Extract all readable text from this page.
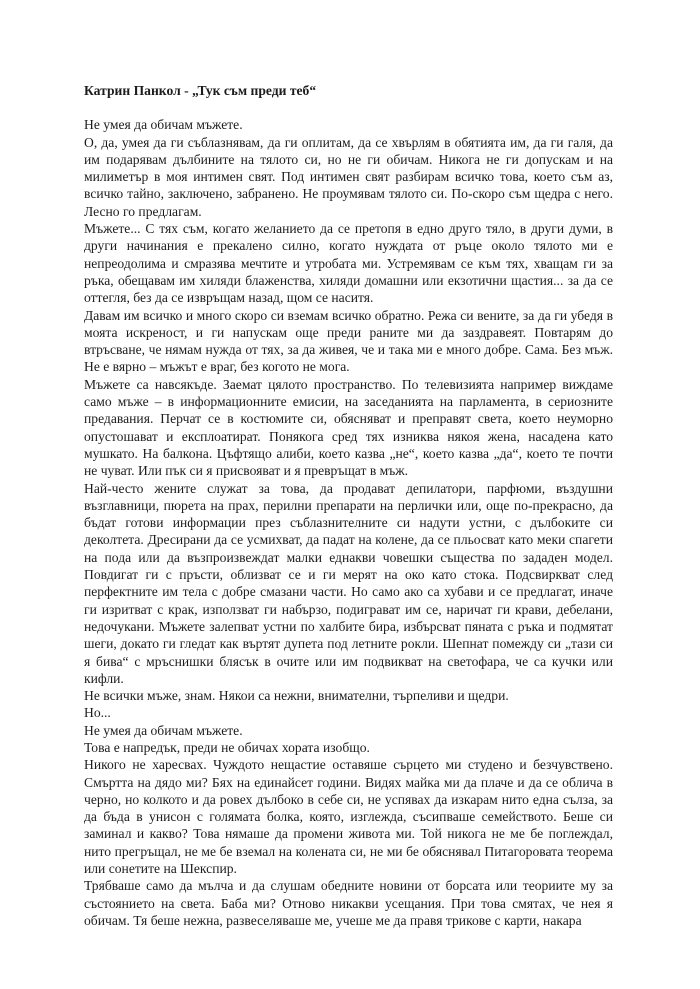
Катрин Панкол - „Тук съм преди теб“

Не умея да обичам мъжете.

О, да, умея да ги съблазнявам, да ги оплитам, да се хвърлям в обятията им, да ги галя, да им подарявам дълбините на тялото си, но не ги обичам. Никога не ги допускам и на милиметър в моя интимен свят. Под интимен свят разбирам всичко това, което съм аз, всичко тайно, заключено, забранено. Не проумявам тялото си. По-скоро съм щедра с него. Лесно го предлагам.

Мъжете... С тях съм, когато желанието да се претопя в едно друго тяло, в други думи, в други начинания е прекалено силно, когато нуждата от ръце около тялото ми е непреодолима и смразява мечтите и утробата ми. Устремявам се към тях, хващам ги за ръка, обещавам им хиляди блаженства, хиляди домашни или екзотични щастия... за да се оттегля, без да се извръщам назад, щом се наситя.

Давам им всичко и много скоро си вземам всичко обратно. Режа си вените, за да ги убедя в моята искреност, и ги напускам още преди раните ми да заздравеят. Повтарям до втръсване, че нямам нужда от тях, за да живея, че и така ми е много добре. Сама. Без мъж. Не е вярно – мъжът е враг, без когото не мога.

Мъжете са навсякъде. Заемат цялото пространство. По телевизията например виждаме само мъже – в информационните емисии, на заседанията на парламента, в сериозните предавания. Перчат се в костюмите си, обясняват и преправят света, което неуморно опустошават и експлоатират. Понякога сред тях изниква някоя жена, насадена като мушкато. На балкона. Цъфтящо алиби, което казва „не“, което казва „да“, което те почти не чуват. Или пък си я присвояват и я превръщат в мъж.

Най-често жените служат за това, да продават депилатори, парфюми, въздушни възглавници, пюрета на прах, перилни препарати на перлички или, още по-прекрасно, да бъдат готови информации през съблазнителните си надути устни, с дълбоките си деколтета. Дресирани да се усмихват, да падат на колене, да се пльосват като меки спагети на пода или да възпроизвеждат малки еднакви човешки същества по зададен модел. Повдигат ги с пръсти, облизват се и ги мерят на око като стока. Подсвиркват след перфектните им тела с добре смазани части. Но само ако са хубави и се предлагат, иначе ги изритват с крак, използват ги набързо, подиграват им се, наричат ги крави, дебелани, недочукани. Мъжете залепват устни по халбите бира, избърсват пяната с ръка и подмятат шеги, докато ги гледат как въртят дупета под летните рокли. Шепнат помежду си „тази си я бива“ с мръснишки блясък в очите или им подвикват на светофара, че са кучки или кифли.

Не всички мъже, знам. Някои са нежни, внимателни, търпеливи и щедри.

Но...

Не умея да обичам мъжете.

Това е напредък, преди не обичах хората изобщо.

Никого не харесвах. Чуждото нещастие оставяше сърцето ми студено и безчувствено. Смъртта на дядо ми? Бях на единайсет години. Видях майка ми да плаче и да се облича в черно, но колкото и да ровех дълбоко в себе си, не успявах да изкарам нито една сълза, за да бъда в унисон с голямата болка, която, изглежда, съсипваше семейството. Беше си заминал и какво? Това нямаше да промени живота ми. Той никога не ме бе поглеждал, нито прегръщал, не ме бе вземал на колената си, не ми бе обяснявал Питагоровата теорема или сонетите на Шекспир.

Трябваше само да мълча и да слушам обедните новини от борсата или теориите му за състоянието на света. Баба ми? Отново никакви усещания. При това смятах, че нея я обичам. Тя беше нежна, развеселяваше ме, учеше ме да правя трикове с карти, накара
